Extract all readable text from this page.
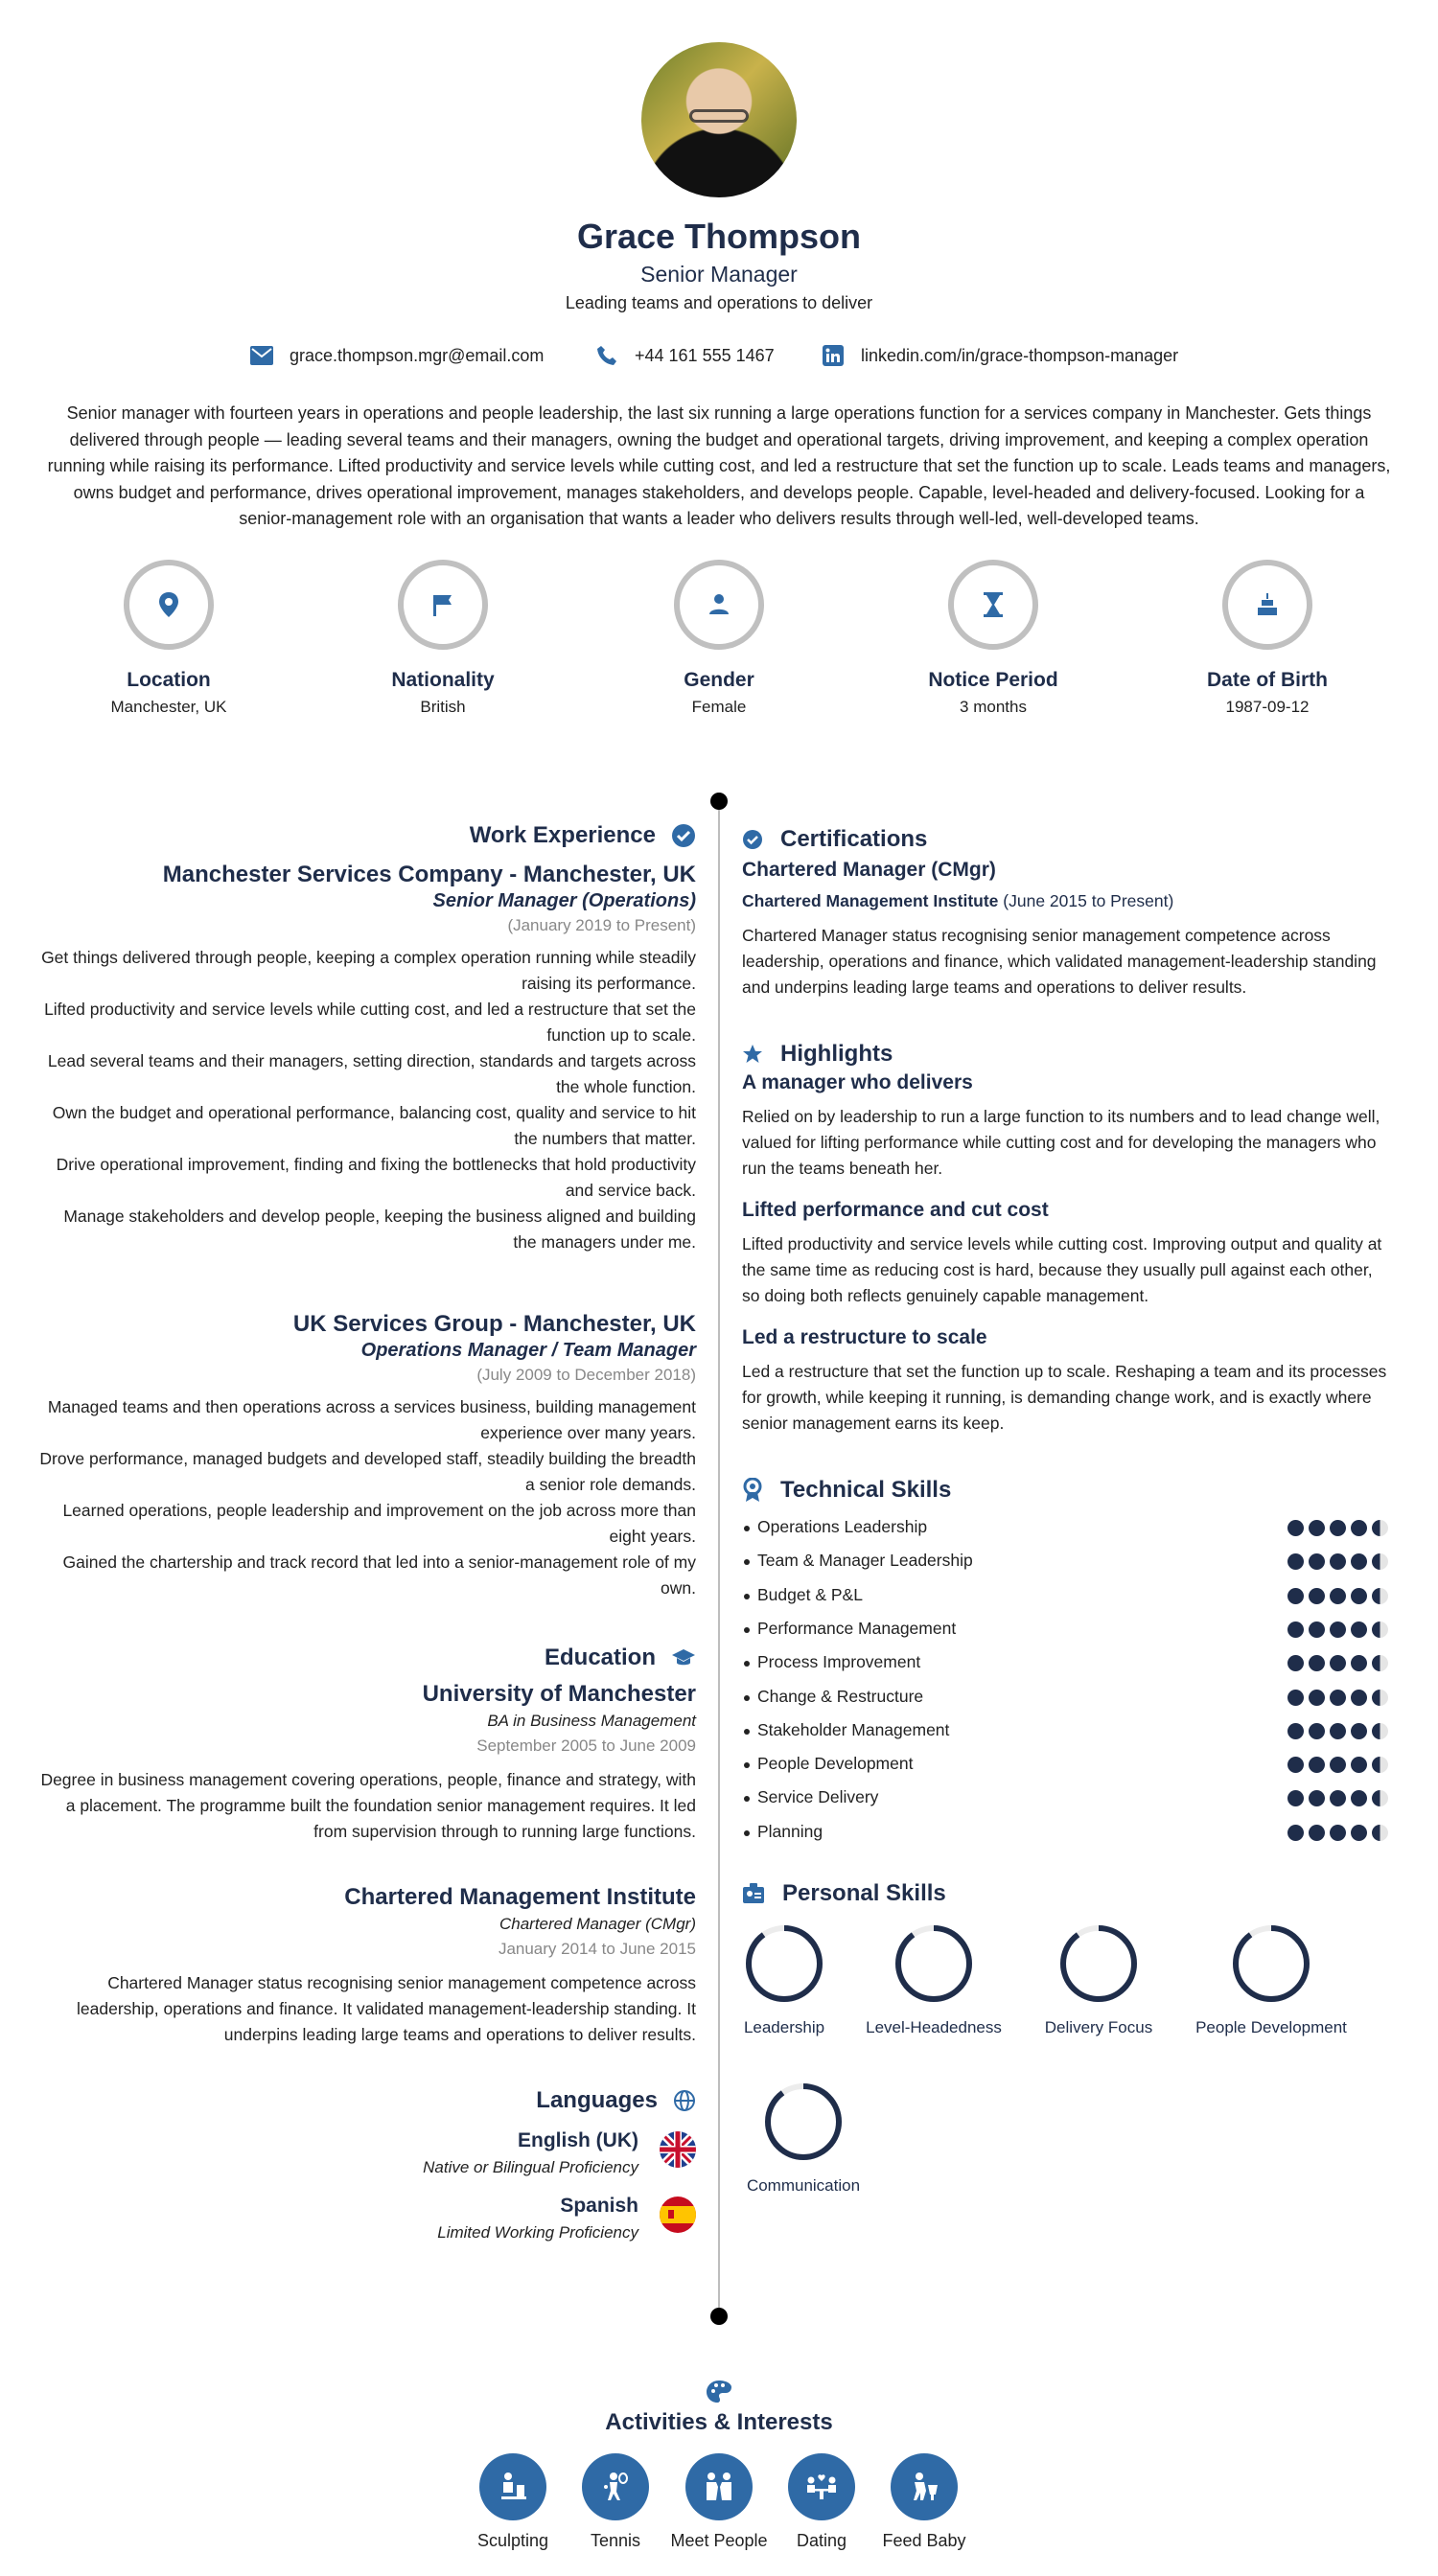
Grace Thompson
Senior Manager
Leading teams and operations to deliver
grace.thompson.mgr@email.com	+44 161 555 1467	linkedin.com/in/grace-thompson-manager
Senior manager with fourteen years in operations and people leadership, the last six running a large operations function for a services company in Manchester. Gets things delivered through people — leading several teams and their managers, owning the budget and operational targets, driving improvement, and keeping a complex operation running while raising its performance. Lifted productivity and service levels while cutting cost, and led a restructure that set the function up to scale. Leads teams and managers, owns budget and performance, drives operational improvement, manages stakeholders, and develops people. Capable, level-headed and delivery-focused. Looking for a senior-management role with an organisation that wants a leader who delivers results through well-led, well-developed teams.
Location
Manchester, UK
Nationality
British
Gender
Female
Notice Period
3 months
Date of Birth
1987-09-12
Work Experience
Manchester Services Company - Manchester, UK
Senior Manager (Operations)
(January 2019 to Present)
Get things delivered through people, keeping a complex operation running while steadily raising its performance.
Lifted productivity and service levels while cutting cost, and led a restructure that set the function up to scale.
Lead several teams and their managers, setting direction, standards and targets across the whole function.
Own the budget and operational performance, balancing cost, quality and service to hit the numbers that matter.
Drive operational improvement, finding and fixing the bottlenecks that hold productivity and service back.
Manage stakeholders and develop people, keeping the business aligned and building the managers under me.
UK Services Group - Manchester, UK
Operations Manager / Team Manager
(July 2009 to December 2018)
Managed teams and then operations across a services business, building management experience over many years.
Drove performance, managed budgets and developed staff, steadily building the breadth a senior role demands.
Learned operations, people leadership and improvement on the job across more than eight years.
Gained the chartership and track record that led into a senior-management role of my own.
Education
University of Manchester
BA in Business Management
September 2005 to June 2009
Degree in business management covering operations, people, finance and strategy, with a placement. The programme built the foundation senior management requires. It led from supervision through to running large functions.
Chartered Management Institute
Chartered Manager (CMgr)
January 2014 to June 2015
Chartered Manager status recognising senior management competence across leadership, operations and finance. It validated management-leadership standing. It underpins leading large teams and operations to deliver results.
Languages
English (UK)
Native or Bilingual Proficiency
Spanish
Limited Working Proficiency
Certifications
Chartered Manager (CMgr)
Chartered Management Institute (June 2015 to Present)
Chartered Manager status recognising senior management competence across leadership, operations and finance, which validated management-leadership standing and underpins leading large teams and operations to deliver results.
Highlights
A manager who delivers
Relied on by leadership to run a large function to its numbers and to lead change well, valued for lifting performance while cutting cost and for developing the managers who run the teams beneath her.
Lifted performance and cut cost
Lifted productivity and service levels while cutting cost. Improving output and quality at the same time as reducing cost is hard, because they usually pull against each other, so doing both reflects genuinely capable management.
Led a restructure to scale
Led a restructure that set the function up to scale. Reshaping a team and its processes for growth, while keeping it running, is demanding change work, and is exactly where senior management earns its keep.
Technical Skills
Operations Leadership
Team & Manager Leadership
Budget & P&L
Performance Management
Process Improvement
Change & Restructure
Stakeholder Management
People Development
Service Delivery
Planning
Personal Skills
Leadership	Level-Headedness	Delivery Focus	People Development
Communication
Activities & Interests
Sculpting	Tennis	Meet People	Dating	Feed Baby
